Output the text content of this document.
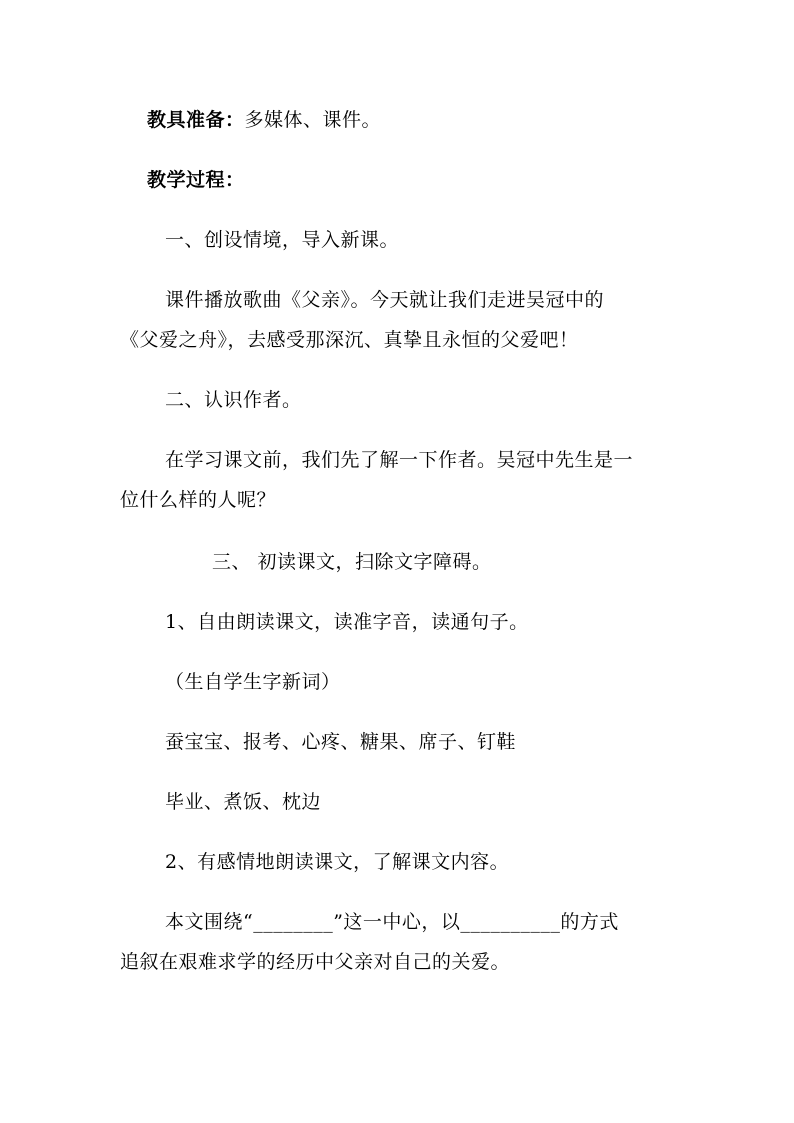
教具准备：多媒体、课件。
教学过程：
一、创设情境，导入新课。
课件播放歌曲《父亲》。今天就让我们走进吴冠中的
《父爱之舟》，去感受那深沉、真挚且永恒的父爱吧！
二、认识作者。
在学习课文前，我们先了解一下作者。吴冠中先生是一
位什么样的人呢？
三、 初读课文，扫除文字障碍。
1、自由朗读课文，读准字音，读通句子。
（生自学生字新词）
蚕宝宝、报考、心疼、糖果、席子、钉鞋
毕业、煮饭、枕边
2、有感情地朗读课文，了解课文内容。
本文围绕“________”这一中心，以__________的方式
追叙在艰难求学的经历中父亲对自己的关爱。
